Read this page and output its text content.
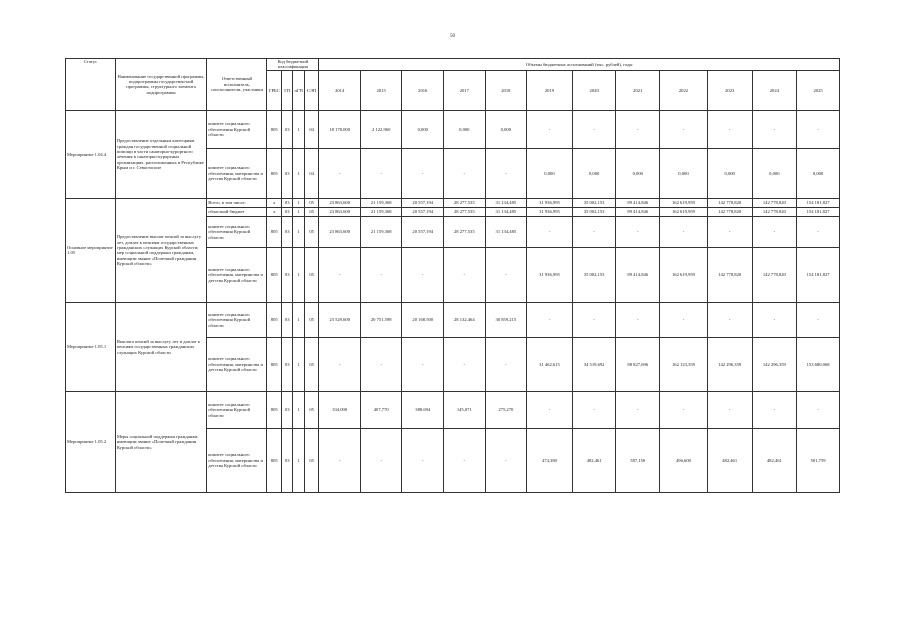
50
Статус	Наименование государственной программы, подпрограммы государствен-ной программы, структурного элемента подпрограммы	Ответственный исполнитель, соисполнители, участники	Код бюджетной классификации				Объемы бюджетных ассигнований (тыс. рублей), годы											
			ГРБС	ГП	пГП	СЭП	2014	2015	2016	2017	2018	2019	2020	2021	2022	2023	2024	2025
Мероприятие 1.04.4	Предоставление отдельным категориям граждан государственной социальной помощи в части санаторно-курортного лечения в санаторно-курортных организациях, расположенных в Республике Крым и г. Севастополе	комитет социального обеспечения Курской области	805	03	1	04	18 178,000	2 122,960	0,000	0,000	0,000	-	-	-	-	-	-	-
		комитет социального обеспечения, материнства и детства Курской области	805	03	1	04	-	-	-	-	-	0,000	0,000	0,000	0,000	0,000	0,000	0,000
Основное мероприятие 1.05	Предоставление выплат пенсий за выслугу лет, доплат к пенсиям государственных гражданских служащих Курской области; мер социальной поддержки гражданам, имеющим звание «Почетный гражданин Курской области»	Всего, в том числе:	х	03	1	05	23 863,600	21 159,368	20 557,194	28 277,535	31 134,485	31 936,995	35 002,153	89 414,846	162 619,959	142 778,820	142 778,820	154 181,827
		областной бюджет	х	03	1	05	23 863,600	21 159,368	20 557,194	28 277,535	31 134,485	31 936,995	35 002,153	89 414,846	162 619,959	142 778,820	142 778,820	154 181,827
		комитет социального обеспечения Курской области	805	03	1	05	23 863,600	21 159,368	20 557,194	28 277,535	31 134,485	-	-	-	-	-	-	-
		комитет социального обеспечения, материнства и детства Курской области	805	03	1	05	-	-	-	-	-	31 936,995	35 002,153	89 414,846	162 619,959	142 778,820	142 778,820	154 181,827
Мероприятие 1.05.1	Выплата пенсий за выслугу лет и доплат к пенсиям государственных гражданских служащих Курской области	комитет социального обеспечения Курской области	805	03	1	05	23 529,600	20 751,598	20 168,500	28 132,464	30 859,215	-	-	-	-	-	-	-
		комитет социального обеспечения, материнства и детства Курской области	805	03	1	05	-	-	-	-	-	31 462,615	34 519,692	88 827,696	162 123,359	142 296,359	142 296,359	153 680,068
Мероприятие 1.05.2	Меры социальной поддержки гражданам, имеющим звание «Почетный гражданин Курской области»	комитет социального обеспечения Курской области	805	03	1	05	334,000	407,770	388,694	145,071	275,270	-	-	-	-	-	-	-
		комитет социального обеспечения, материнства и детства Курской области	805	03	1	05	-	-	-	-	-	474,380	482,461	587,150	496,600	482,461	482,461	501,759
